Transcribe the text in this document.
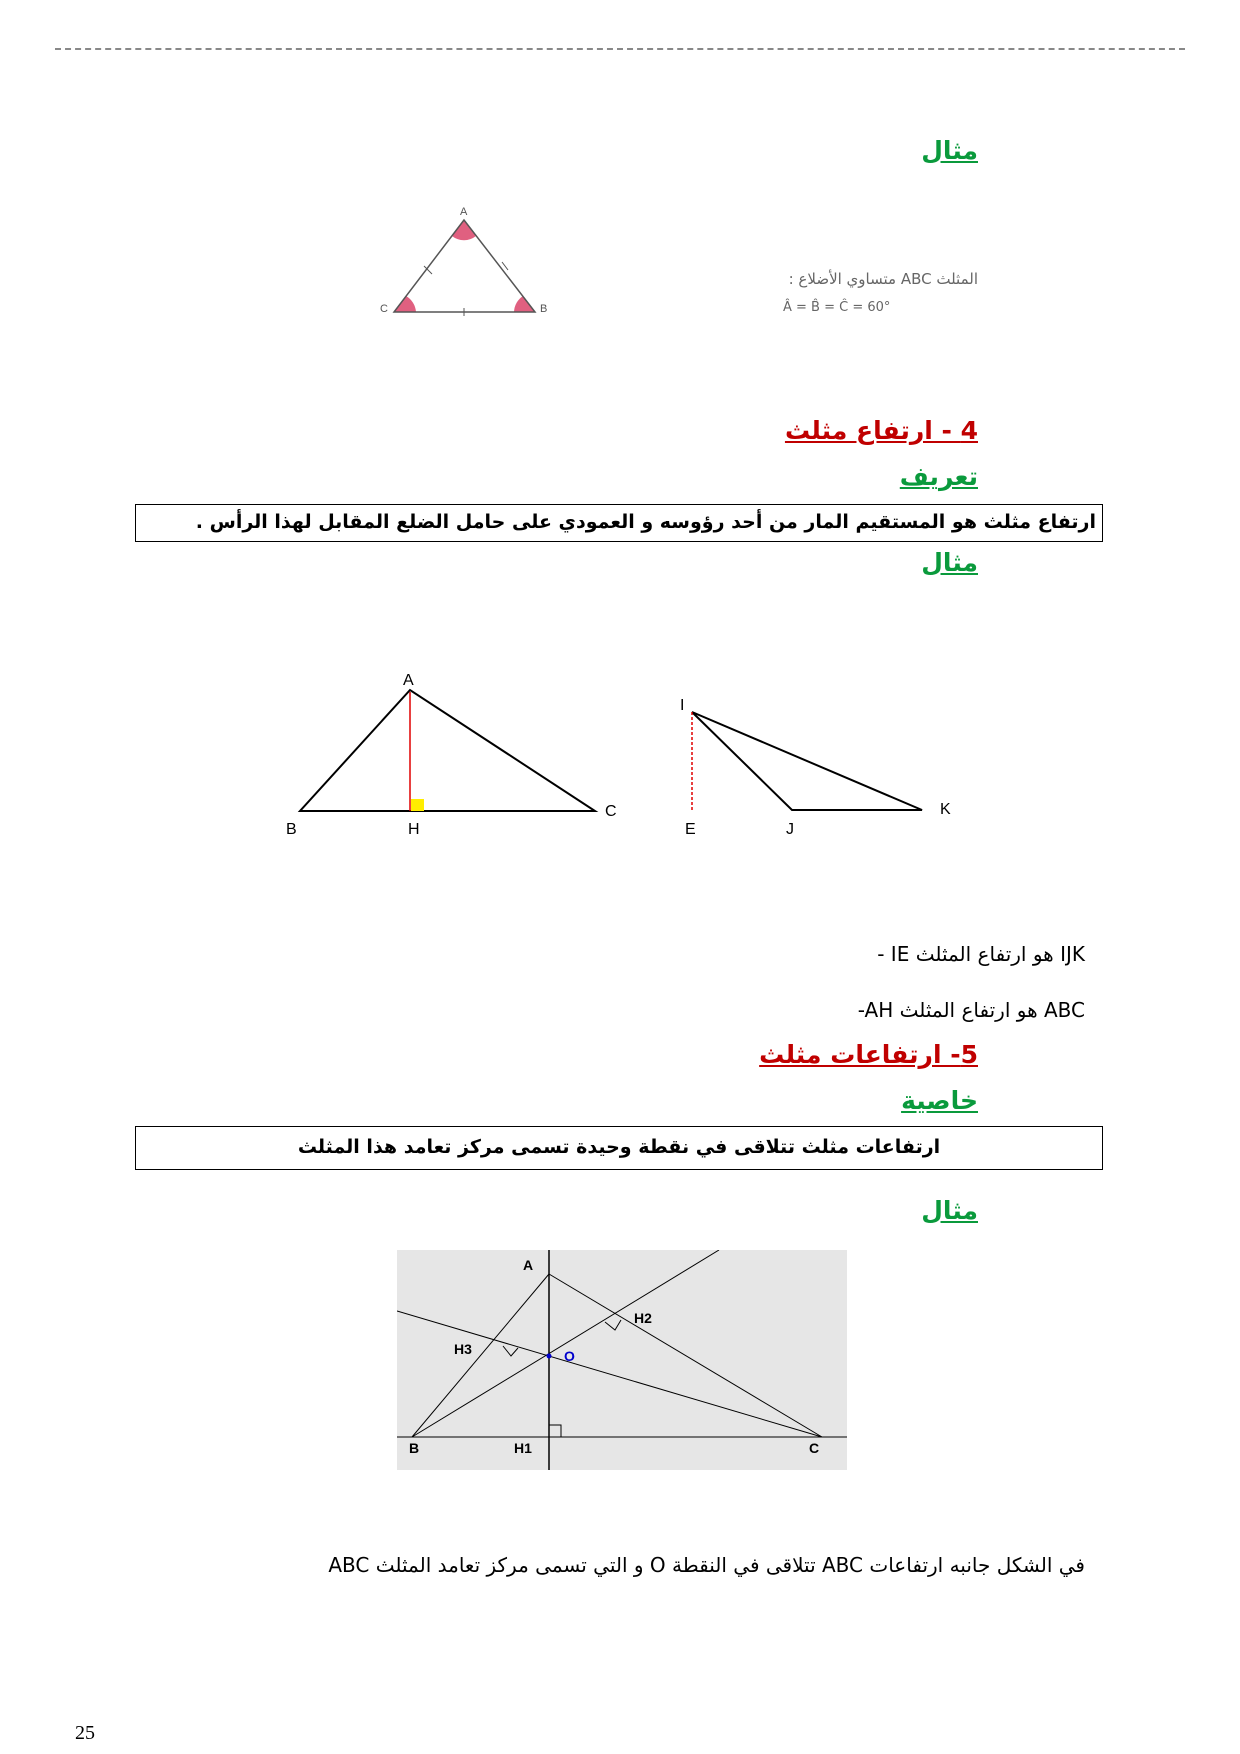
مثال
A
C	B
المثلث ABC متساوي الأضلاع :
Â = B̂ = Ĉ = 60°
4 - ارتفاع مثلث
تعريف
ارتفاع مثلث هو المستقيم المار من أحد رؤوسه و العمودي على حامل الضلع المقابل لهذا الرأس .
مثال
A
B	H
C
I
E	J
K
- IE هو ارتفاع المثلث IJK
-AH هو ارتفاع المثلث ABC
5- ارتفاعات مثلث
خاصية
ارتفاعات مثلث تتلاقى في نقطة وحيدة تسمى مركز تعامد هذا المثلث
مثال
A
B	C
H1
H2
H3	O
في الشكل جانبه ارتفاعات ABC تتلاقى في النقطة O و التي تسمى مركز تعامد المثلث ABC
25
